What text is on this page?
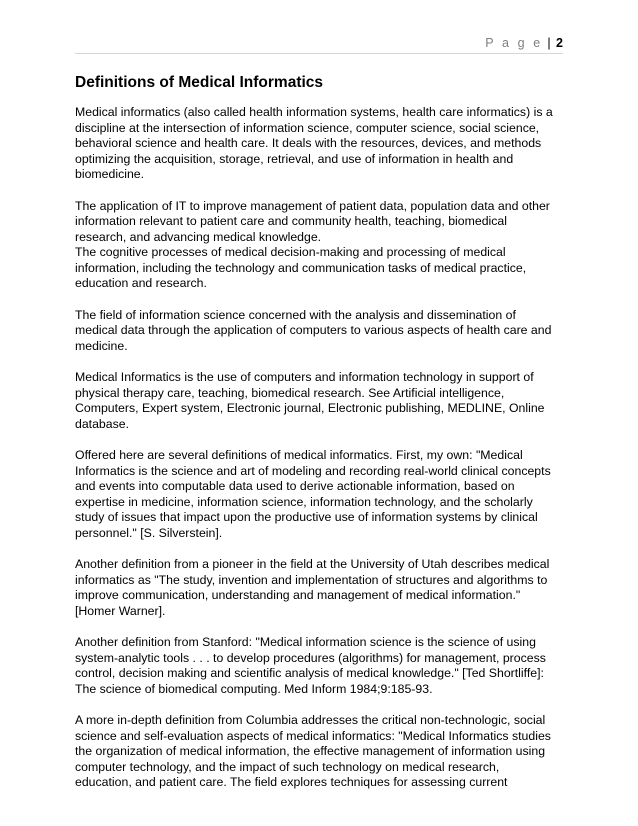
P a g e | 2
Definitions of Medical Informatics
Medical informatics (also called health information systems, health care informatics) is a
discipline at the intersection of information science, computer science, social science,
behavioral science and health care. It deals with the resources, devices, and methods
optimizing the acquisition, storage, retrieval, and use of information in health and
biomedicine.
The application of IT to improve management of patient data, population data and other
information relevant to patient care and community health, teaching, biomedical
research, and advancing medical knowledge.
The cognitive processes of medical decision-making and processing of medical
information, including the technology and communication tasks of medical practice,
education and research.
The field of information science concerned with the analysis and dissemination of
medical data through the application of computers to various aspects of health care and
medicine.
Medical Informatics is the use of computers and information technology in support of
physical therapy care, teaching, biomedical research. See Artificial intelligence,
Computers, Expert system, Electronic journal, Electronic publishing, MEDLINE, Online
database.
Offered here are several definitions of medical informatics. First, my own: "Medical
Informatics is the science and art of modeling and recording real-world clinical concepts
and events into computable data used to derive actionable information, based on
expertise in medicine, information science, information technology, and the scholarly
study of issues that impact upon the productive use of information systems by clinical
personnel." [S. Silverstein].
Another definition from a pioneer in the field at the University of Utah describes medical
informatics as "The study, invention and implementation of structures and algorithms to
improve communication, understanding and management of medical information."
[Homer Warner].
Another definition from Stanford: "Medical information science is the science of using
system-analytic tools . . . to develop procedures (algorithms) for management, process
control, decision making and scientific analysis of medical knowledge." [Ted Shortliffe]:
The science of biomedical computing. Med Inform 1984;9:185-93.
A more in-depth definition from Columbia addresses the critical non-technologic, social
science and self-evaluation aspects of medical informatics: "Medical Informatics studies
the organization of medical information, the effective management of information using
computer technology, and the impact of such technology on medical research,
education, and patient care. The field explores techniques for assessing current
